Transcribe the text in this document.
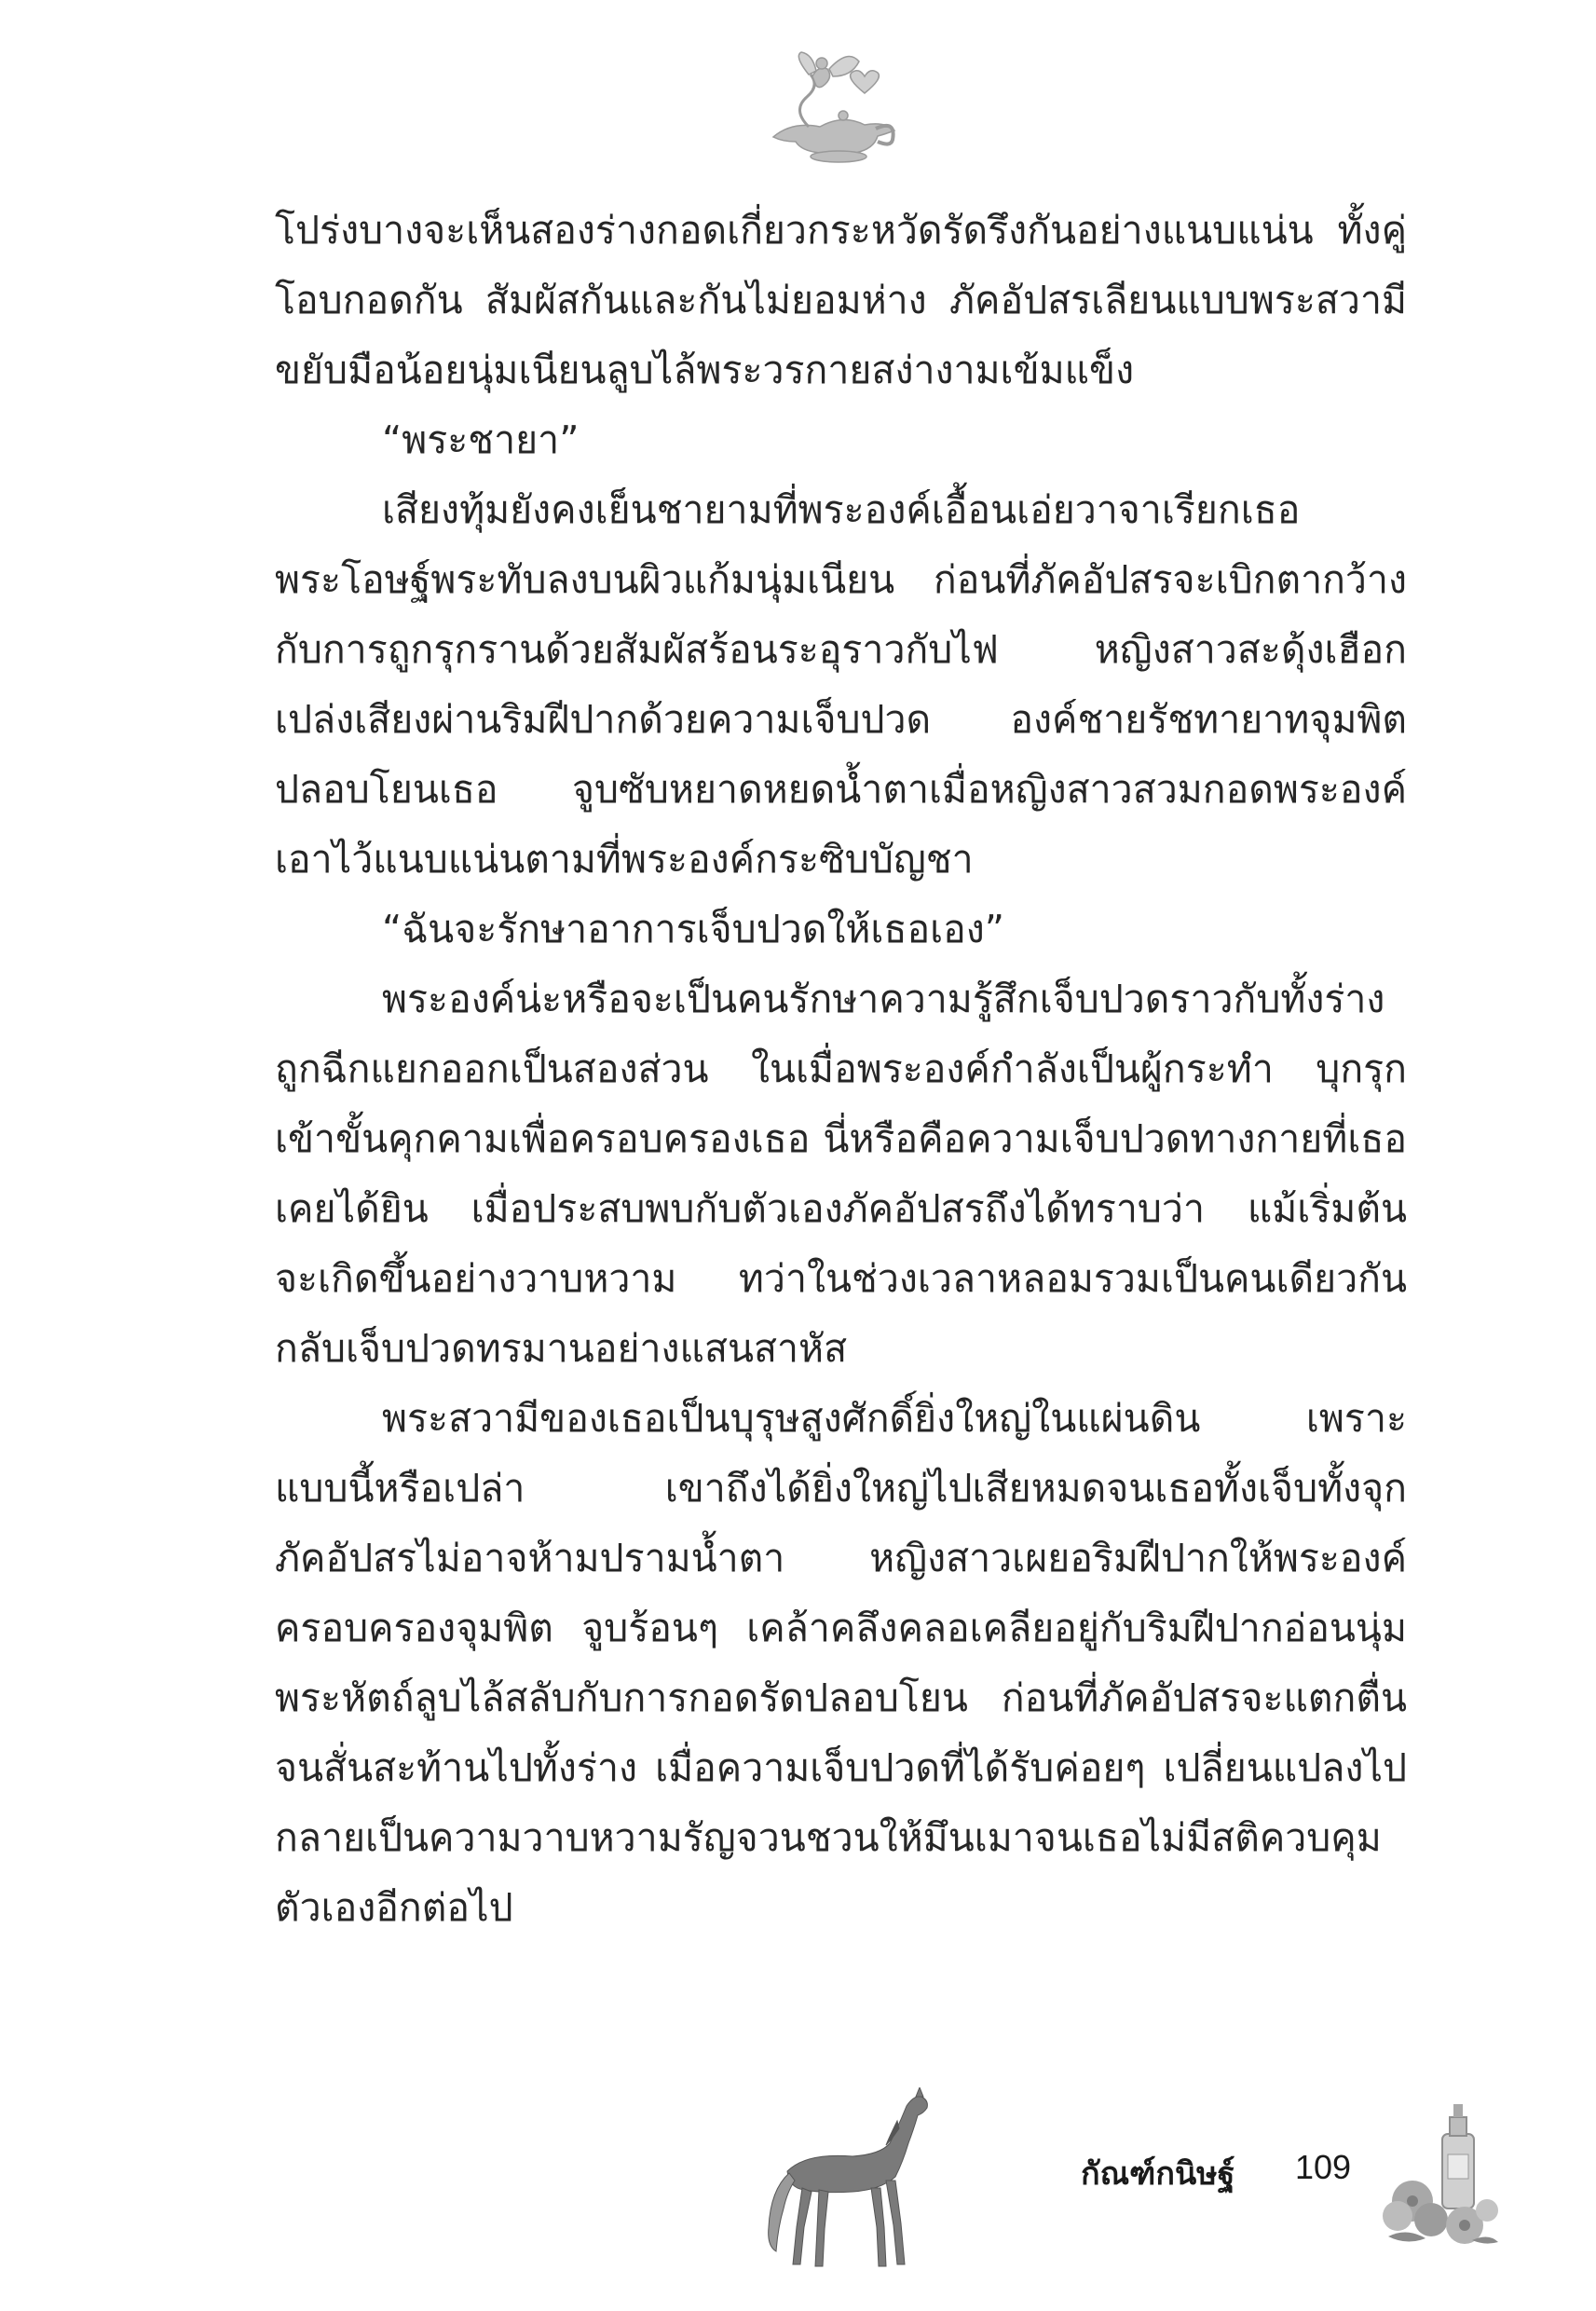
โปร่งบางจะเห็นสองร่างกอดเกี่ยวกระหวัดรัดรึงกันอย่างแนบแน่น ทั้งคู่
โอบกอดกัน สัมผัสกันและกันไม่ยอมห่าง ภัคอัปสรเลียนแบบพระสวามี
ขยับมือน้อยนุ่มเนียนลูบไล้พระวรกายสง่างามเข้มแข็ง
“พระชายา”
เสียงทุ้มยังคงเย็นชายามที่พระองค์เอื้อนเอ่ยวาจาเรียกเธอ
พระโอษฐ์พระทับลงบนผิวแก้มนุ่มเนียน ก่อนที่ภัคอัปสรจะเบิกตากว้าง
กับการถูกรุกรานด้วยสัมผัสร้อนระอุราวกับไฟ หญิงสาวสะดุ้งเฮือก
เปล่งเสียงผ่านริมฝีปากด้วยความเจ็บปวด องค์ชายรัชทายาทจุมพิต
ปลอบโยนเธอ จูบซับหยาดหยดน้ำตาเมื่อหญิงสาวสวมกอดพระองค์
เอาไว้แนบแน่นตามที่พระองค์กระซิบบัญชา
“ฉันจะรักษาอาการเจ็บปวดให้เธอเอง”
พระองค์น่ะหรือจะเป็นคนรักษาความรู้สึกเจ็บปวดราวกับทั้งร่าง
ถูกฉีกแยกออกเป็นสองส่วน ในเมื่อพระองค์กำลังเป็นผู้กระทำ บุกรุก
เข้าขั้นคุกคามเพื่อครอบครองเธอ นี่หรือคือความเจ็บปวดทางกายที่เธอ
เคยได้ยิน เมื่อประสบพบกับตัวเองภัคอัปสรถึงได้ทราบว่า แม้เริ่มต้น
จะเกิดขึ้นอย่างวาบหวาม ทว่าในช่วงเวลาหลอมรวมเป็นคนเดียวกัน
กลับเจ็บปวดทรมานอย่างแสนสาหัส
พระสวามีของเธอเป็นบุรุษสูงศักดิ์ยิ่งใหญ่ในแผ่นดิน เพราะ
แบบนี้หรือเปล่า เขาถึงได้ยิ่งใหญ่ไปเสียหมดจนเธอทั้งเจ็บทั้งจุก
ภัคอัปสรไม่อาจห้ามปรามน้ำตา หญิงสาวเผยอริมฝีปากให้พระองค์
ครอบครองจุมพิต จูบร้อนๆ เคล้าคลึงคลอเคลียอยู่กับริมฝีปากอ่อนนุ่ม
พระหัตถ์ลูบไล้สลับกับการกอดรัดปลอบโยน ก่อนที่ภัคอัปสรจะแตกตื่น
จนสั่นสะท้านไปทั้งร่าง เมื่อความเจ็บปวดที่ได้รับค่อยๆ เปลี่ยนแปลงไป
กลายเป็นความวาบหวามรัญจวนชวนให้มึนเมาจนเธอไม่มีสติควบคุม
ตัวเองอีกต่อไป
กัณฑ์กนิษฐ์ 109
